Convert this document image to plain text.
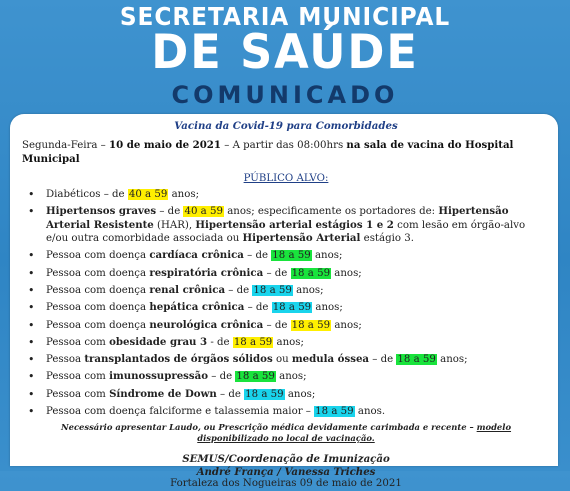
SECRETARIA MUNICIPAL
DE SAÚDE
COMUNICADO
Vacina da Covid-19 para Comorbidades
Segunda-Feira – 10 de maio de 2021 – A partir das 08:00hrs na sala de vacina do Hospital Municipal
PÚBLICO ALVO:
• Diabéticos – de 40 a 59 anos;
• Hipertensos graves – de 40 a 59 anos; especificamente os portadores de: Hipertensão Arterial Resistente (HAR), Hipertensão arterial estágios 1 e 2 com lesão em órgão-alvo e/ou outra comorbidade associada ou Hipertensão Arterial estágio 3.
• Pessoa com doença cardíaca crônica – de 18 a 59 anos;
• Pessoa com doença respiratória crônica – de 18 a 59 anos;
• Pessoa com doença renal crônica – de 18 a 59 anos;
• Pessoa com doença hepática crônica – de 18 a 59 anos;
• Pessoa com doença neurológica crônica – de 18 a 59 anos;
• Pessoa com obesidade grau 3 - de 18 a 59 anos;
• Pessoa transplantados de órgãos sólidos ou medula óssea – de 18 a 59 anos;
• Pessoa com imunossupressão – de 18 a 59 anos;
• Pessoa com Síndrome de Down – de 18 a 59 anos;
• Pessoa com doença falciforme e talassemia maior – 18 a 59 anos.
Necessário apresentar Laudo, ou Prescrição médica devidamente carimbada e recente – modelo disponibilizado no local de vacinação.
SEMUS/Coordenação de Imunização
André França / Vanessa Triches
Fortaleza dos Nogueiras 09 de maio de 2021
